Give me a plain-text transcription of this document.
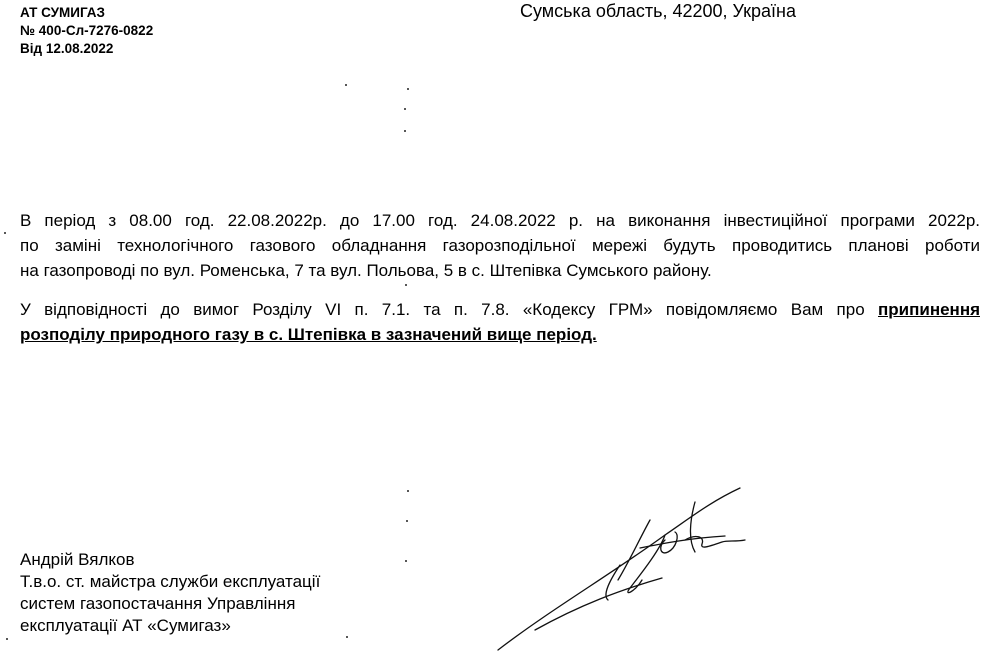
АТ СУМИГАЗ
№ 400-Сл-7276-0822
Від 12.08.2022
Сумська область, 42200, Україна
В період з 08.00 год. 22.08.2022р. до 17.00 год. 24.08.2022 р. на виконання інвестиційної програми 2022р.
по заміні технологічного газового обладнання газорозподільної мережі будуть проводитись планові роботи
на газопроводі по вул. Роменська, 7 та вул. Польова, 5 в с. Штепівка Сумського району.
У відповідності до вимог Розділу VI п. 7.1. та п. 7.8. «Кодексу ГРМ» повідомляємо Вам про припинення
розподілу природного газу в с. Штепівка в зазначений вище період.
Андрій Вялков
Т.в.о. ст. майстра служби експлуатації
систем газопостачання Управління
експлуатації АТ «Сумигаз»
